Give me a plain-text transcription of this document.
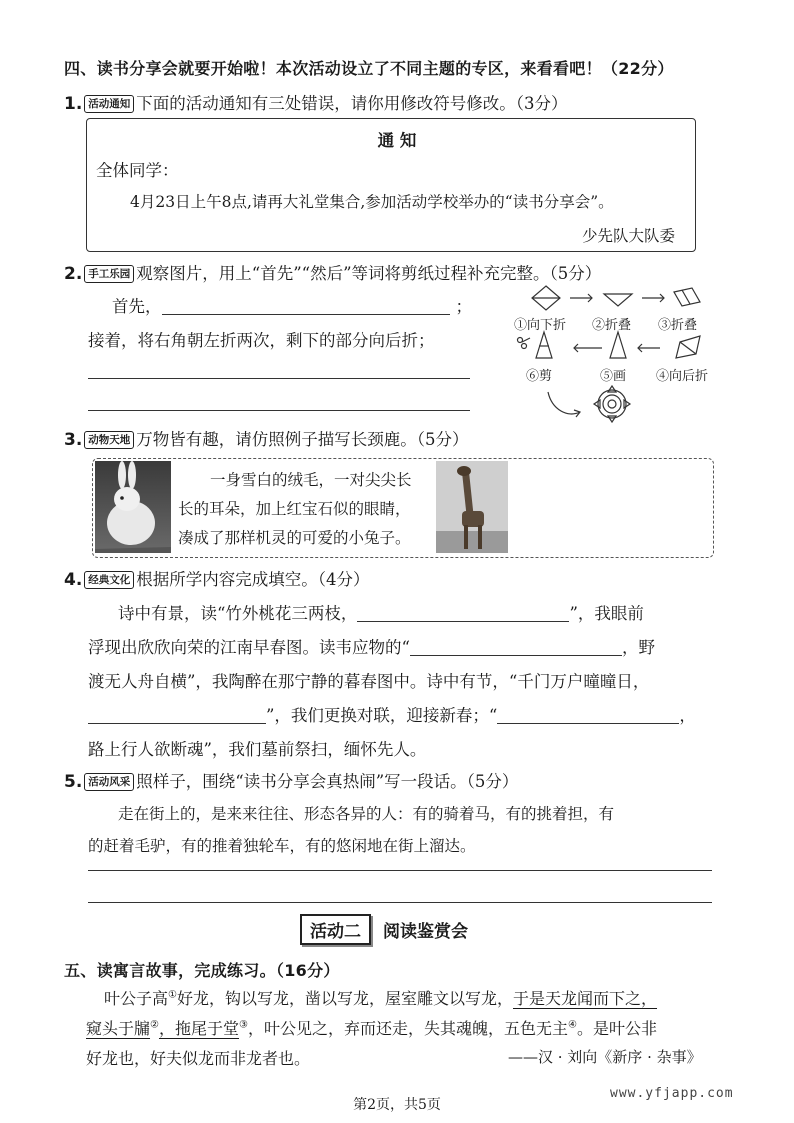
四、读书分享会就要开始啦！本次活动设立了不同主题的专区，来看看吧！（22分）
1. 活动通知 下面的活动通知有三处错误，请你用修改符号修改。（3分）
通 知
全体同学：
4月23日上午8点,请再大礼堂集合,参加活动学校举办的“读书分享会”。
少先队大队委
2. 手工乐园 观察图片，用上“首先”“然后”等词将剪纸过程补充完整。（5分）
首先，	；
接着，将右角朝左折两次，剩下的部分向后折；
①向下折 ②折叠 ③折叠
④向后折
⑤画
⑥剪
3. 动物天地 万物皆有趣，请仿照例子描写长颈鹿。（5分）
一身雪白的绒毛，一对尖尖长
长的耳朵，加上红宝石似的眼睛，
凑成了那样机灵的可爱的小兔子。
4. 经典文化 根据所学内容完成填空。（4分）
诗中有景，读“竹外桃花三两枝，	”，我眼前
浮现出欣欣向荣的江南早春图。读韦应物的“	，野
渡无人舟自横”，我陶醉在那宁静的暮春图中。诗中有节，“千门万户曈曈日，
”，我们更换对联，迎接新春；“	，
路上行人欲断魂”，我们墓前祭扫，缅怀先人。
5. 活动风采 照样子，围绕“读书分享会真热闹”写一段话。（5分）
走在街上的，是来来往往、形态各异的人：有的骑着马，有的挑着担，有
的赶着毛驴，有的推着独轮车，有的悠闲地在街上溜达。
活动二 阅读鉴赏会
五、读寓言故事，完成练习。（16分）
叶公子高①好龙，钩以写龙，凿以写龙，屋室雕文以写龙，于是天龙闻而下之，
窥头于牖②，拖尾于堂③，叶公见之，弃而还走，失其魂魄，五色无主④。是叶公非
好龙也，好夫似龙而非龙者也。	——汉 · 刘向《新序 · 杂事》
第2页，共5页
www.yfjapp.com
